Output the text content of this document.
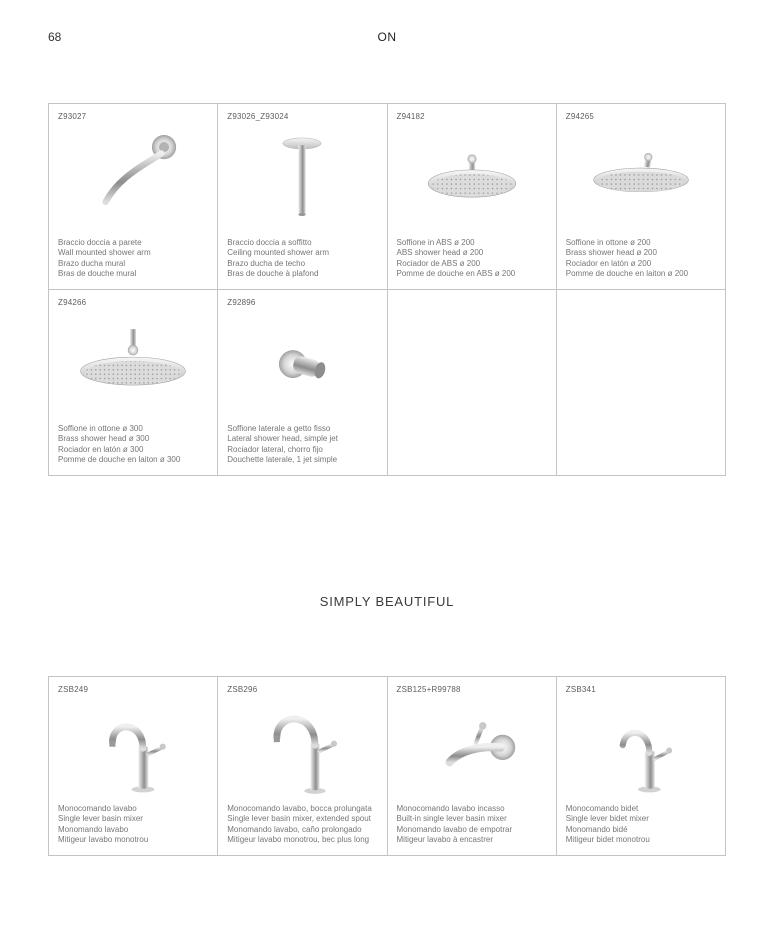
68	ON
Z93027
Braccio doccia a parete
Wall mounted shower arm
Brazo ducha mural
Bras de douche mural
Z93026_Z93024
Braccio doccia a soffitto
Ceiling mounted shower arm
Brazo ducha de techo
Bras de douche à plafond
Z94182
Soffione in ABS ø 200
ABS shower head ø 200
Rociador de ABS ø 200
Pomme de douche en ABS ø 200
Z94265
Soffione in ottone ø 200
Brass shower head ø 200
Rociador en latón ø 200
Pomme de douche en laiton ø 200
Z94266
Soffione in ottone ø 300
Brass shower head ø 300
Rociador en latón ø 300
Pomme de douche en laiton ø 300
Z92896
Soffione laterale a getto fisso
Lateral shower head, simple jet
Rociador lateral, chorro fijo
Douchette laterale, 1 jet simple
SIMPLY BEAUTIFUL
ZSB249
Monocomando lavabo
Single lever basin mixer
Monomando lavabo
Mitigeur lavabo monotrou
ZSB296
Monocomando lavabo, bocca prolungata
Single lever basin mixer, extended spout
Monomando lavabo, caño prolongado
Mitigeur lavabo monotrou, bec plus long
ZSB125+R99788
Monocomando lavabo incasso
Built-in single lever basin mixer
Monomando lavabo de empotrar
Mitigeur lavabo à encastrer
ZSB341
Monocomando bidet
Single lever bidet mixer
Monomando bidé
Mitigeur bidet monotrou
